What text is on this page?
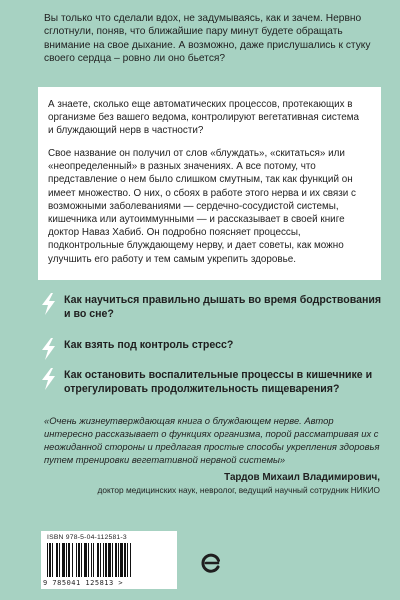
Вы только что сделали вдох, не задумываясь, как и зачем. Нервно сглотнули, поняв, что ближайшие пару минут будете обращать внимание на свое дыхание. А возможно, даже прислушались к стуку своего сердца – ровно ли оно бьется?
А знаете, сколько еще автоматических процессов, протекающих в организме без вашего ведома, контролируют вегетативная система и блуждающий нерв в частности?
Свое название он получил от слов «блуждать», «скитаться» или «неопределенный» в разных значениях. А все потому, что представление о нем было слишком смутным, так как функций он имеет множество. О них, о сбоях в работе этого нерва и их связи с возможными заболеваниями — сердечно-сосудистой системы, кишечника или аутоиммунными — и рассказывает в своей книге доктор Наваз Хабиб. Он подробно поясняет процессы, подконтрольные блуждающему нерву, и дает советы, как можно улучшить его работу и тем самым укрепить здоровье.
Как научиться правильно дышать во время бодрствования и во сне?
Как взять под контроль стресс?
Как остановить воспалительные процессы в кишечнике и отрегулировать продолжительность пищеварения?
«Очень жизнеутверждающая книга о блуждающем нерве. Автор интересно рассказывает о функциях организма, порой рассматривая их с неожиданной стороны и предлагая простые способы укрепления здоровья путем тренировки вегетативной нервной системы»
Тардов Михаил Владимирович,
доктор медицинских наук, невролог, ведущий научный сотрудник НИКИО
ISBN 978-5-04-112581-3
9 785041 125813 >
